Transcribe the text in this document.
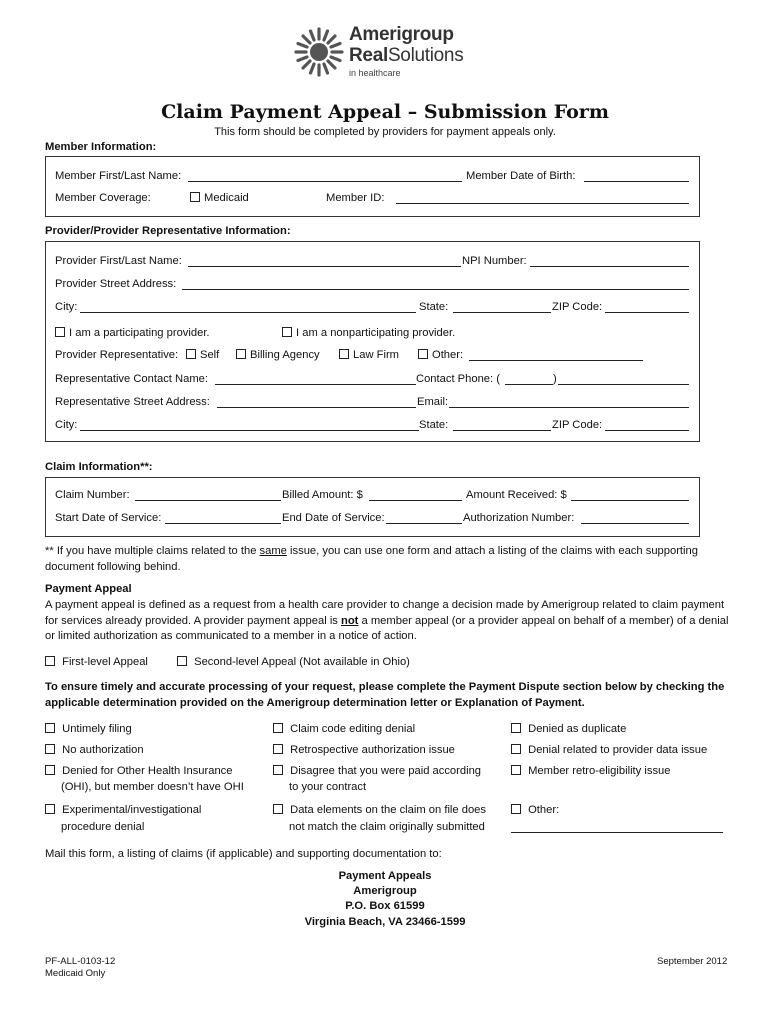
Amerigroup
RealSolutions
in healthcare
Claim Payment Appeal – Submission Form
This form should be completed by providers for payment appeals only.
Member Information:
Member First/Last Name:	Member Date of Birth:
Member Coverage:	Medicaid	Member ID:
Provider/Provider Representative Information:
Provider First/Last Name:	NPI Number:
Provider Street Address:
City:	State:	ZIP Code:
I am a participating provider.	I am a nonparticipating provider.
Provider Representative:	Self	Billing Agency	Law Firm	Other:
Representative Contact Name:	Contact Phone: (	)
Representative Street Address:	Email:
City:	State:	ZIP Code:
Claim Information**:
Claim Number:	Billed Amount: $	Amount Received: $
Start Date of Service:	End Date of Service:	Authorization Number:
** If you have multiple claims related to the same issue, you can use one form and attach a listing of the claims with each supporting document following behind.
Payment Appeal
A payment appeal is defined as a request from a health care provider to change a decision made by Amerigroup related to claim payment for services already provided. A provider payment appeal is not a member appeal (or a provider appeal on behalf of a member) of a denial or limited authorization as communicated to a member in a notice of action.
First-level Appeal	Second-level Appeal (Not available in Ohio)
To ensure timely and accurate processing of your request, please complete the Payment Dispute section below by checking the applicable determination provided on the Amerigroup determination letter or Explanation of Payment.
Untimely filing
No authorization
Denied for Other Health Insurance
(OHI), but member doesn’t have OHI
Experimental/investigational
procedure denial
Claim code editing denial
Retrospective authorization issue
Disagree that you were paid according
to your contract
Data elements on the claim on file does
not match the claim originally submitted
Denied as duplicate
Denial related to provider data issue
Member retro-eligibility issue
Other:
Mail this form, a listing of claims (if applicable) and supporting documentation to:
Payment Appeals
Amerigroup
P.O. Box 61599
Virginia Beach, VA 23466-1599
PF-ALL-0103-12
Medicaid Only
September 2012
